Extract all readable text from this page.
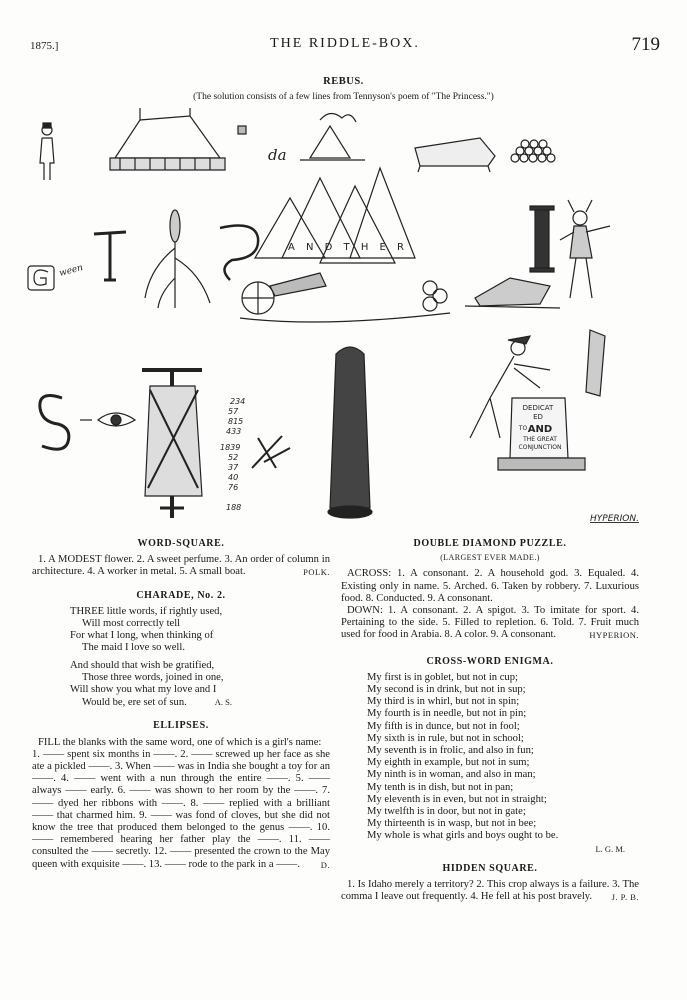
1875.]	THE RIDDLE-BOX.	719
REBUS.
(The solution consists of a few lines from Tennyson's poem of "The Princess.")
da
ween
A N D T H E R
234
57
815
433
1839
52
37
40
76
188
DEDICAT
ED
TO AND
THE GREAT
CONJUNCTION
HYPERION.
WORD-SQUARE.

1. A MODEST flower. 2. A sweet perfume. 3. An order of column in architecture. 4. A worker in metal. 5. A small boat.	POLK.

CHARADE, No. 2.
THREE little words, if rightly used,
Will most correctly tell
For what I long, when thinking of
The maid I love so well.
And should that wish be gratified,
Those three words, joined in one,
Will show you what my love and I
Would be, ere set of sun.	A. S.
ELLIPSES.

FILL the blanks with the same word, one of which is a girl's name:

1. —— spent six months in ——. 2. —— screwed up her face as she ate a pickled ——. 3. When —— was in India she bought a toy for an ——. 4. —— went with a nun through the entire ——. 5. —— always —— early. 6. —— was shown to her room by the ——. 7. —— dyed her ribbons with ——. 8. —— replied with a brilliant —— that charmed him. 9. —— was fond of cloves, but she did not know the tree that produced them belonged to the genus ——. 10. —— remembered hearing her father play the ——. 11. —— consulted the —— secretly. 12. —— presented the crown to the May queen with exquisite ——. 13. —— rode to the park in a ——. D.

DOUBLE DIAMOND PUZZLE.
(LARGEST EVER MADE.)

ACROSS: 1. A consonant. 2. A household god. 3. Equaled. 4. Existing only in name. 5. Arched. 6. Taken by robbery. 7. Luxurious food. 8. Conducted. 9. A consonant.

DOWN: 1. A consonant. 2. A spigot. 3. To imitate for sport. 4. Pertaining to the side. 5. Filled to repletion. 6. Told. 7. Fruit much used for food in Arabia. 8. A color. 9. A consonant.	HYPERION.

CROSS-WORD ENIGMA.
My first is in goblet, but not in cup;
My second is in drink, but not in sup;
My third is in whirl, but not in spin;
My fourth is in needle, but not in pin;
My fifth is in dunce, but not in fool;
My sixth is in rule, but not in school;
My seventh is in frolic, and also in fun;
My eighth in example, but not in sum;
My ninth is in woman, and also in man;
My tenth is in dish, but not in pan;
My eleventh is in even, but not in straight;
My twelfth is in door, but not in gate;
My thirteenth is in wasp, but not in bee;
My whole is what girls and boys ought to be.
L. G. M.
HIDDEN SQUARE.

1. Is Idaho merely a territory? 2. This crop always is a failure. 3. The comma I leave out frequently. 4. He fell at his post bravely.	J. P. B.
